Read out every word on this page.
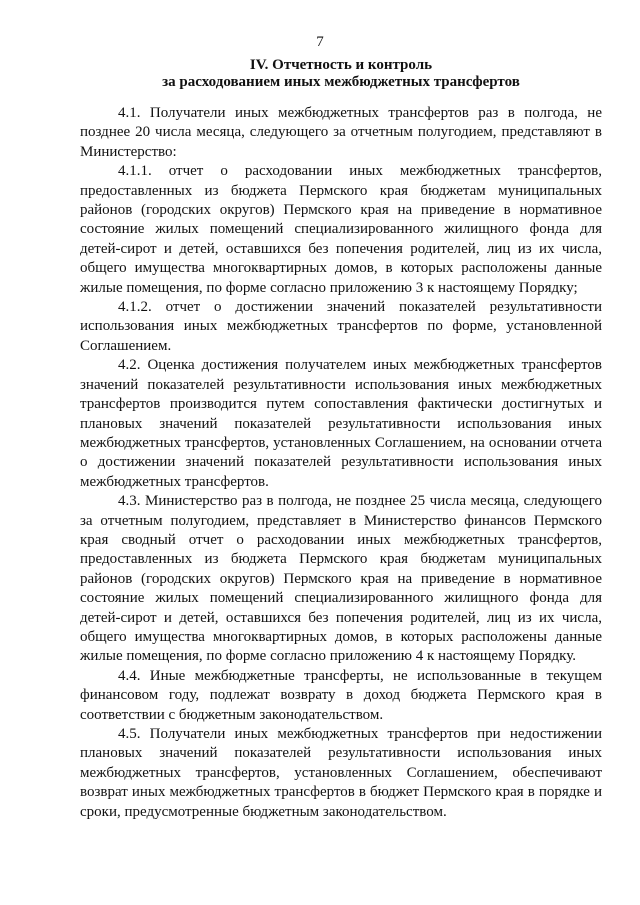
7
IV. Отчетность и контроль
за расходованием иных межбюджетных трансфертов

4.1. Получатели иных межбюджетных трансфертов раз в полгода, не позднее 20 числа месяца, следующего за отчетным полугодием, представляют в Министерство:

4.1.1. отчет о расходовании иных межбюджетных трансфертов, предоставленных из бюджета Пермского края бюджетам муниципальных районов (городских округов) Пермского края на приведение в нормативное состояние жилых помещений специализированного жилищного фонда для детей-сирот и детей, оставшихся без попечения родителей, лиц из их числа, общего имущества многоквартирных домов, в которых расположены данные жилые помещения, по форме согласно приложению 3 к настоящему Порядку;

4.1.2. отчет о достижении значений показателей результативности использования иных межбюджетных трансфертов по форме, установленной Соглашением.

4.2. Оценка достижения получателем иных межбюджетных трансфертов значений показателей результативности использования иных межбюджетных трансфертов производится путем сопоставления фактически достигнутых и плановых значений показателей результативности использования иных межбюджетных трансфертов, установленных Соглашением, на основании отчета о достижении значений показателей результативности использования иных межбюджетных трансфертов.

4.3. Министерство раз в полгода, не позднее 25 числа месяца, следующего за отчетным полугодием, представляет в Министерство финансов Пермского края сводный отчет о расходовании иных межбюджетных трансфертов, предоставленных из бюджета Пермского края бюджетам муниципальных районов (городских округов) Пермского края на приведение в нормативное состояние жилых помещений специализированного жилищного фонда для детей-сирот и детей, оставшихся без попечения родителей, лиц из их числа, общего имущества многоквартирных домов, в которых расположены данные жилые помещения, по форме согласно приложению 4 к настоящему Порядку.

4.4. Иные межбюджетные трансферты, не использованные в текущем финансовом году, подлежат возврату в доход бюджета Пермского края в соответствии с бюджетным законодательством.

4.5. Получатели иных межбюджетных трансфертов при недостижении плановых значений показателей результативности использования иных межбюджетных трансфертов, установленных Соглашением, обеспечивают возврат иных межбюджетных трансфертов в бюджет Пермского края в порядке и сроки, предусмотренные бюджетным законодательством.
